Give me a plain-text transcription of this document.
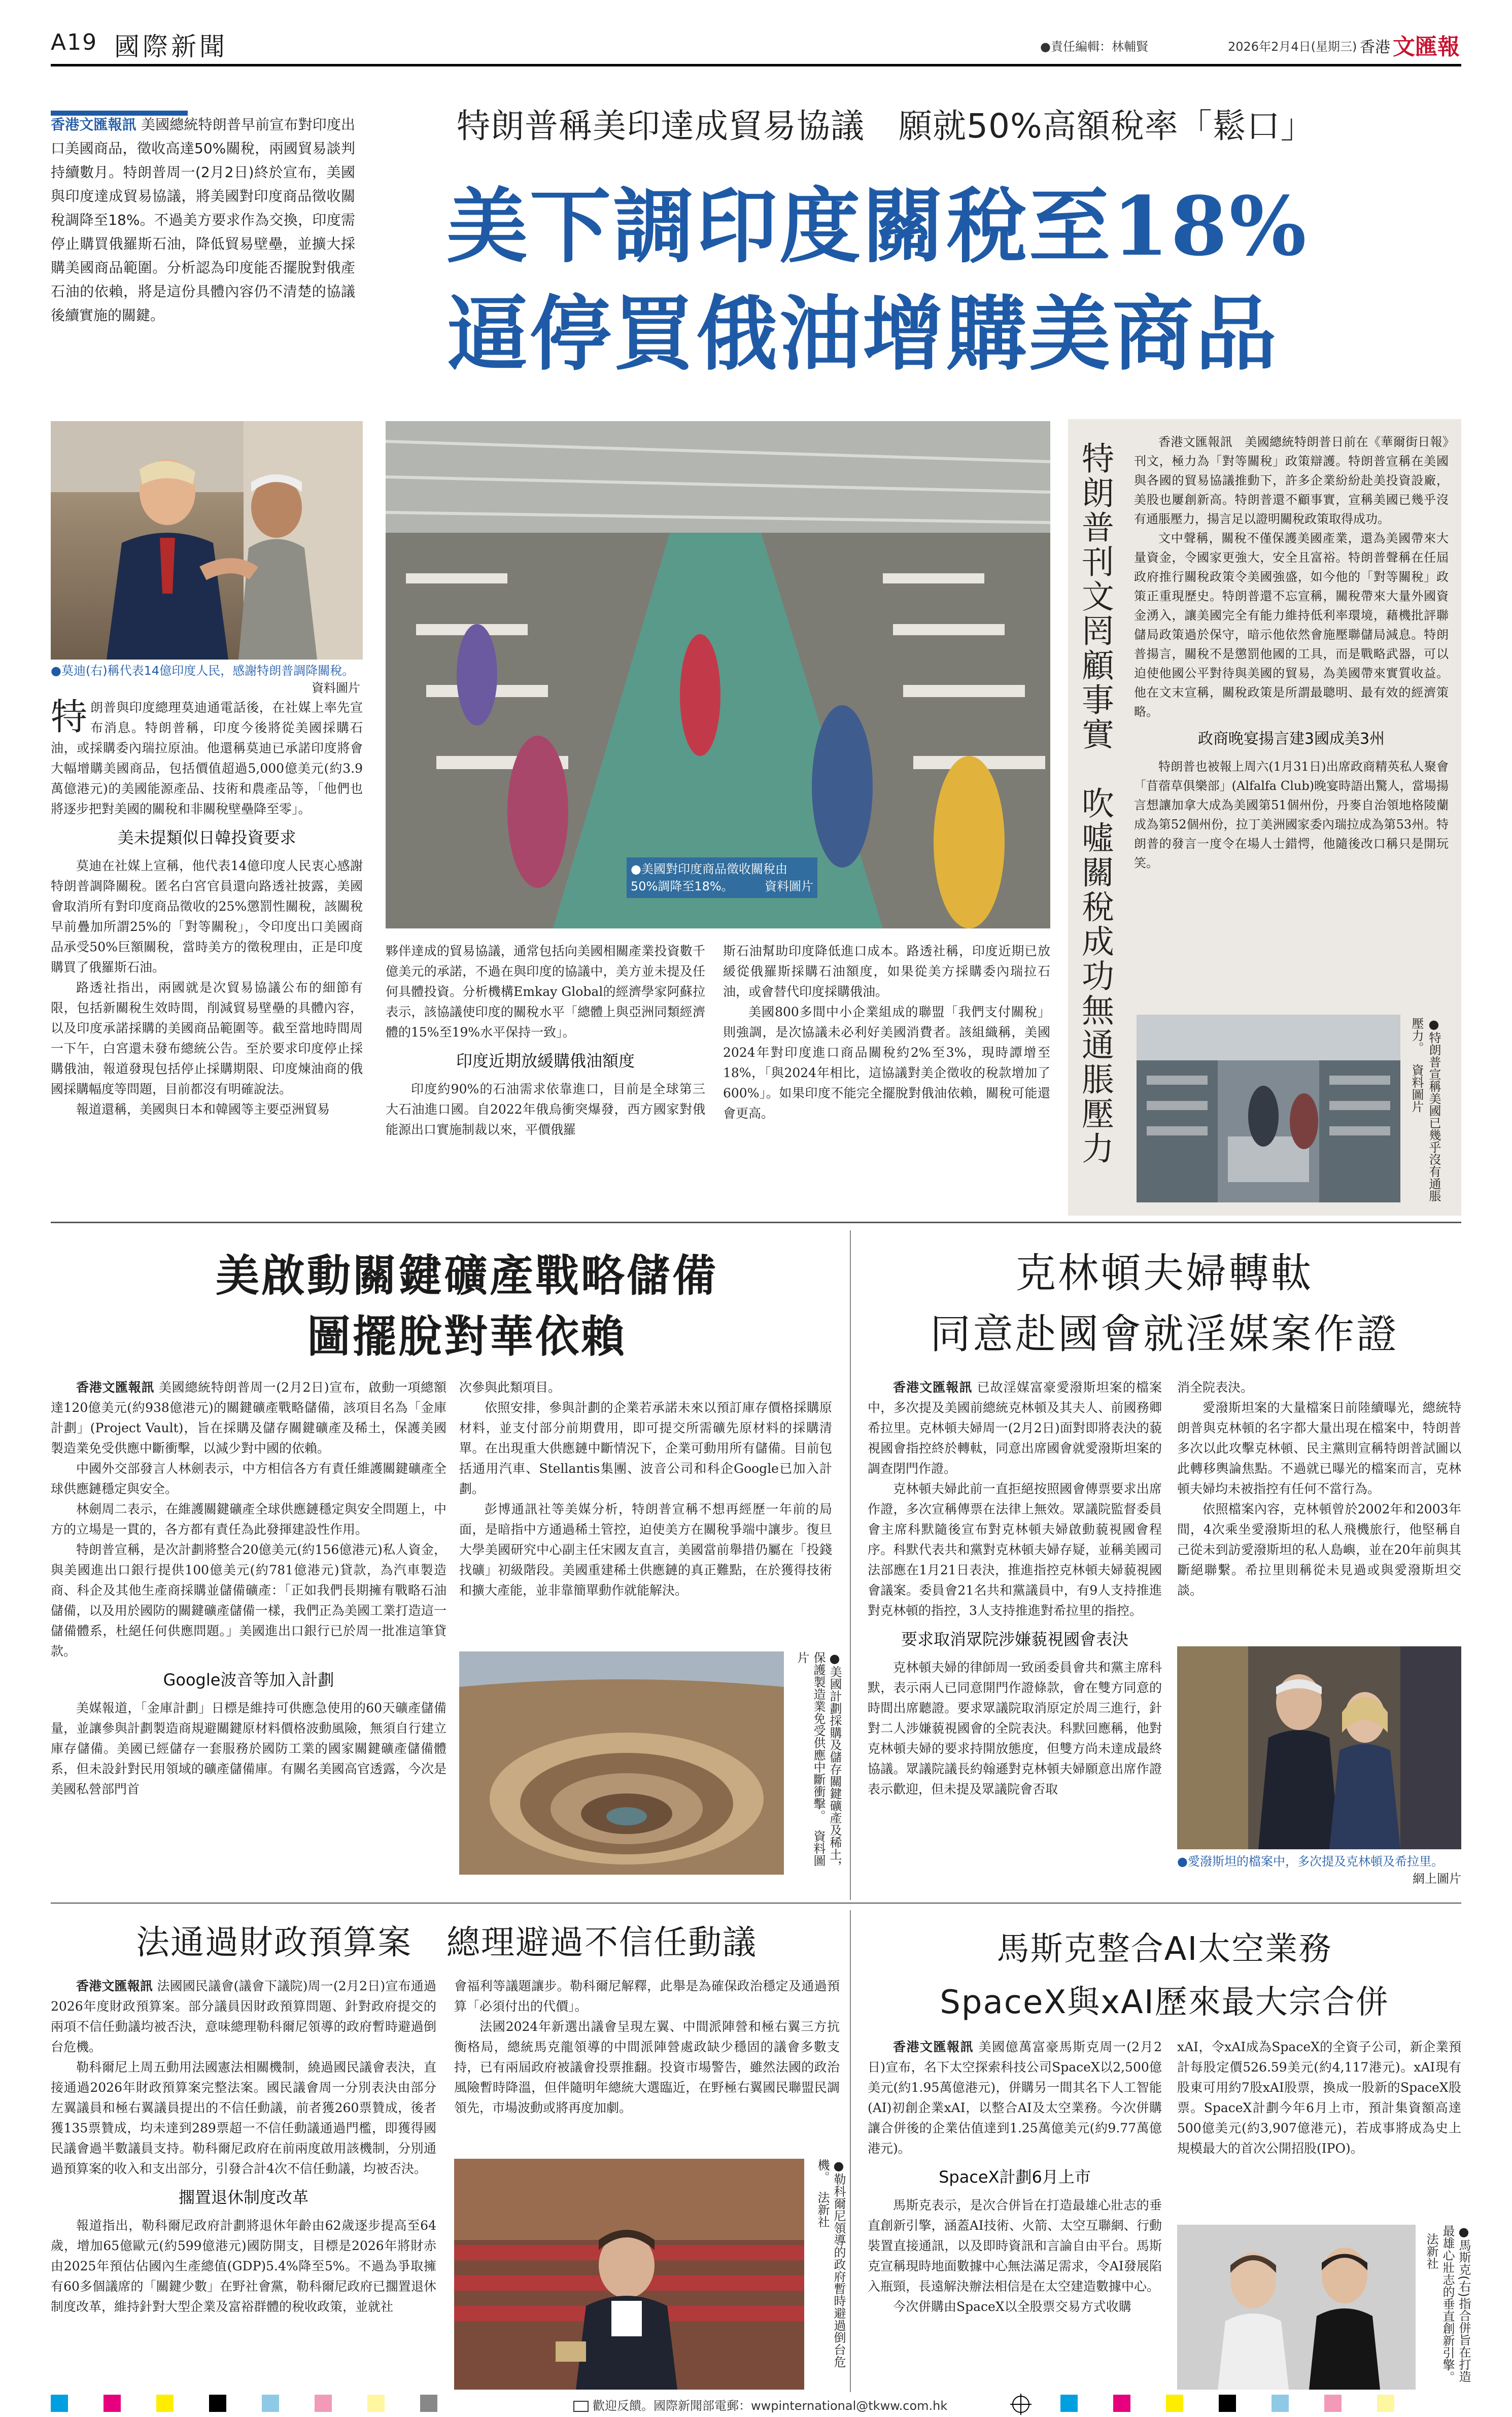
A19 國際新聞	●責任編輯：林輔賢	2026年2月4日(星期三) 香港 文匯報
香港文匯報訊 美國總統特朗普早前宣布對印度出口美國商品，徵收高達50%關稅，兩國貿易談判持續數月。特朗普周一(2月2日)終於宣布，美國與印度達成貿易協議，將美國對印度商品徵收關稅調降至18%。不過美方要求作為交換，印度需停止購買俄羅斯石油，降低貿易壁壘，並擴大採購美國商品範圍。分析認為印度能否擺脫對俄產石油的依賴，將是這份具體內容仍不清楚的協議後續實施的關鍵。
特朗普稱美印達成貿易協議　願就50%高額稅率「鬆口」
美下調印度關稅至18%
逼停買俄油增購美商品
●莫迪(右)稱代表14億印度人民，感謝特朗普調降關稅。
資料圖片
●美國對印度商品徵收關稅由50%調降至18%。	資料圖片

特朗普與印度總理莫迪通電話後，在社媒上率先宣布消息。特朗普稱，印度今後將從美國採購石油，或採購委內瑞拉原油。他還稱莫迪已承諾印度將會大幅增購美國商品，包括價值超過5,000億美元(約3.9萬億港元)的美國能源產品、技術和農產品等，「他們也將逐步把對美國的關稅和非關稅壁壘降至零」。

美未提類似日韓投資要求

莫迪在社媒上宣稱，他代表14億印度人民衷心感謝特朗普調降關稅。匿名白宮官員還向路透社披露，美國會取消所有對印度商品徵收的25%懲罰性關稅，該關稅早前疊加所謂25%的「對等關稅」，令印度出口美國商品承受50%巨額關稅，當時美方的徵稅理由，正是印度購買了俄羅斯石油。

路透社指出，兩國就是次貿易協議公布的細節有限，包括新關稅生效時間，削減貿易壁壘的具體內容，以及印度承諾採購的美國商品範圍等。截至當地時間周一下午，白宮還未發布總統公告。至於要求印度停止採購俄油，報道發現包括停止採購期限、印度煉油商的俄國採購幅度等問題，目前都沒有明確說法。

報道還稱，美國與日本和韓國等主要亞洲貿易

夥伴達成的貿易協議，通常包括向美國相關產業投資數千億美元的承諾，不過在與印度的協議中，美方並未提及任何具體投資。分析機構Emkay Global的經濟學家阿蘇拉表示，該協議使印度的關稅水平「總體上與亞洲同類經濟體的15%至19%水平保持一致」。

印度近期放緩購俄油額度

印度約90%的石油需求依靠進口，目前是全球第三大石油進口國。自2022年俄烏衝突爆發，西方國家對俄能源出口實施制裁以來，平價俄羅

斯石油幫助印度降低進口成本。路透社稱，印度近期已放緩從俄羅斯採購石油額度，如果從美方採購委內瑞拉石油，或會替代印度採購俄油。

美國800多間中小企業組成的聯盟「我們支付關稅」則強調，是次協議未必利好美國消費者。該組織稱，美國2024年對印度進口商品關稅約2%至3%，現時譚增至18%，「與2024年相比，這協議對美企徵收的稅款增加了600%」。如果印度不能完全擺脫對俄油依賴，關稅可能還會更高。	特朗普刊文罔顧事實　吹噓關稅成功無通脹壓力	香港文匯報訊　美國總統特朗普日前在《華爾街日報》刊文，極力為「對等關稅」政策辯護。特朗普宣稱在美國與各國的貿易協議推動下，許多企業紛紛赴美投資設廠，美股也屢創新高。特朗普還不顧事實，宣稱美國已幾乎沒有通脹壓力，揚言足以證明關稅政策取得成功。

文中聲稱，關稅不僅保護美國產業，還為美國帶來大量資金，令國家更強大，安全且富裕。特朗普聲稱在任屆政府推行關稅政策令美國強盛，如今他的「對等關稅」政策正重現歷史。特朗普還不忘宣稱，關稅帶來大量外國資金湧入，讓美國完全有能力維持低利率環境，藉機批評聯儲局政策過於保守，暗示他依然會施壓聯儲局減息。特朗普揚言，關稅不是懲罰他國的工具，而是戰略武器，可以迫使他國公平對待與美國的貿易，為美國帶來實質收益。他在文末宣稱，關稅政策是所謂最聰明、最有效的經濟策略。

政商晚宴揚言建3國成美3州

特朗普也被報上周六(1月31日)出席政商精英私人聚會「苜蓿草俱樂部」(Alfalfa Club)晚宴時語出驚人，當場揚言想讓加拿大成為美國第51個州份，丹麥自治領地格陵蘭成為第52個州份，拉丁美洲國家委內瑞拉成為第53州。特朗普的發言一度令在場人士錯愕，他隨後改口稱只是開玩笑。

●特朗普宣稱美國已幾乎沒有通脹壓力。資料圖片
美啟動關鍵礦產戰略儲備
圖擺脫對華依賴

香港文匯報訊 美國總統特朗普周一(2月2日)宣布，啟動一項總額達120億美元(約938億港元)的關鍵礦產戰略儲備，該項目名為「金庫計劃」(Project Vault)，旨在採購及儲存關鍵礦產及稀土，保護美國製造業免受供應中斷衝擊，以減少對中國的依賴。

中國外交部發言人林劍表示，中方相信各方有責任維護關鍵礦產全球供應鏈穩定與安全。

林劍周二表示，在維護關鍵礦產全球供應鏈穩定與安全問題上，中方的立場是一貫的，各方都有責任為此發揮建設性作用。

特朗普宣稱，是次計劃將整合20億美元(約156億港元)私人資金，與美國進出口銀行提供100億美元(約781億港元)貸款，為汽車製造商、科企及其他生產商採購並儲備礦產：「正如我們長期擁有戰略石油儲備，以及用於國防的關鍵礦產儲備一樣，我們正為美國工業打造這一儲備體系，杜絕任何供應問題。」美國進出口銀行已於周一批准這筆貸款。

Google波音等加入計劃

美媒報道，「金庫計劃」日標是維持可供應急使用的60天礦產儲備量，並讓參與計劃製造商規避關鍵原材料價格波動風險，無須自行建立庫存儲備。美國已經儲存一套服務於國防工業的國家關鍵礦產儲備體系，但未設針對民用領域的礦產儲備庫。有關名美國高官透露，今次是美國私營部門首

次參與此類項目。

依照安排，參與計劃的企業若承諾未來以預訂庫存價格採購原材料，並支付部分前期費用，即可提交所需礦先原材料的採購清單。在出現重大供應鏈中斷情況下，企業可動用所有儲備。目前包括通用汽車、Stellantis集團、波音公司和科企Google已加入計劃。

彭博通訊社等美媒分析，特朗普宣稱不想再經歷一年前的局面，是暗指中方通過稀土管控，迫使美方在關稅爭端中讓步。復旦大學美國研究中心副主任宋國友直言，美國當前舉措仍屬在「投錢找礦」初級階段。美國重建稀土供應鏈的真正難點，在於獲得技術和擴大產能，並非靠簡單動作就能解決。

●美國計劃採購及儲存關鍵礦產及稀土，保護製造業免受供應中斷衝擊。資料圖片
克林頓夫婦轉軚
同意赴國會就淫媒案作證

香港文匯報訊 已故淫媒富豪愛潑斯坦案的檔案中，多次提及美國前總統克林頓及其夫人、前國務卿希拉里。克林頓夫婦周一(2月2日)面對即將表決的藐視國會指控終於轉軚，同意出席國會就愛潑斯坦案的調查閉門作證。

克林頓夫婦此前一直拒絕按照國會傳票要求出席作證，多次宣稱傳票在法律上無效。眾議院監督委員會主席科默隨後宣布對克林頓夫婦啟動藐視國會程序。科默代表共和黨對克林頓夫婦存疑，並稱美國司法部應在1月21日表決，推進指控克林頓夫婦藐視國會議案。委員會21名共和黨議員中，有9人支持推進對克林頓的指控，3人支持推進對希拉里的指控。

要求取消眾院涉嫌藐視國會表決

克林頓夫婦的律師周一致函委員會共和黨主席科默，表示兩人已同意開門作證條款，會在雙方同意的時間出席聽證。要求眾議院取消原定於周三進行，針對二人涉嫌藐視國會的全院表決。科默回應稱，他對克林頓夫婦的要求持開放態度，但雙方尚未達成最終協議。眾議院議長約翰遜對克林頓夫婦願意出席作證表示歡迎，但未提及眾議院會否取

消全院表決。

愛潑斯坦案的大量檔案日前陸續曝光，總統特朗普與克林頓的名字都大量出現在檔案中，特朗普多次以此攻擊克林頓、民主黨則宣稱特朗普試圖以此轉移輿論焦點。不過就已曝光的檔案而言，克林頓夫婦均未被指控有任何不當行為。

依照檔案內容，克林頓曾於2002年和2003年間，4次乘坐愛潑斯坦的私人飛機旅行，他堅稱自己從未到訪愛潑斯坦的私人島嶼，並在20年前與其斷絕聯繫。希拉里則稱從未見過或與愛潑斯坦交談。

●愛潑斯坦的檔案中，多次提及克林頓及希拉里。
網上圖片
法通過財政預算案　總理避過不信任動議

香港文匯報訊 法國國民議會(議會下議院)周一(2月2日)宣布通過2026年度財政預算案。部分議員因財政預算問題、針對政府提交的兩項不信任動議均被否決，意味總理勒科爾尼領導的政府暫時避過倒台危機。

勒科爾尼上周五動用法國憲法相關機制，繞過國民議會表決，直接通過2026年財政預算案完整法案。國民議會周一分別表決由部分左翼議員和極右翼議員提出的不信任動議，前者獲260票贊成，後者獲135票贊成，均未達到289票超一不信任動議通過門檻，即獲得國民議會過半數議員支持。勒科爾尼政府在前兩度啟用該機制，分別通過預算案的收入和支出部分，引發合計4次不信任動議，均被否決。

擱置退休制度改革

報道指出，勒科爾尼政府計劃將退休年齡由62歲逐步提高至64歲，增加65億歐元(約599億港元)國防開支，目標是2026年將財赤由2025年預估佔國內生產總值(GDP)5.4%降至5%。不過為爭取擁有60多個議席的「關鍵少數」在野社會黨，勒科爾尼政府已擱置退休制度改革，維持針對大型企業及富裕群體的稅收政策，並就社

會福利等議題讓步。勒科爾尼解釋，此舉是為確保政治穩定及通過預算「必須付出的代價」。

法國2024年新選出議會呈現左翼、中間派陣營和極右翼三方抗衡格局，總統馬克龍領導的中間派陣營處政缺少穩固的議會多數支持，已有兩屆政府被議會投票推翻。投資市場警告，雖然法國的政治風險暫時降溫，但伴隨明年總統大選臨近，在野極右翼國民聯盟民調領先，市場波動或將再度加劇。

●勒科爾尼領導的政府暫時避過倒台危機。法新社
馬斯克整合AI太空業務
SpaceX與xAI歷來最大宗合併

香港文匯報訊 美國億萬富豪馬斯克周一(2月2日)宣布，名下太空探索科技公司SpaceX以2,500億美元(約1.95萬億港元)，併購另一間其名下人工智能(AI)初創企業xAI，以整合AI及太空業務。今次併購讓合併後的企業估值達到1.25萬億美元(約9.77萬億港元)。

SpaceX計劃6月上市

馬斯克表示，是次合併旨在打造最雄心壯志的垂直創新引擎，涵蓋AI技術、火箭、太空互聯網、行動裝置直接通訊，以及即時資訊和言論自由平台。馬斯克宣稱現時地面數據中心無法滿足需求，令AI發展陷入瓶頸，長遠解決辦法相信是在太空建造數據中心。

今次併購由SpaceX以全股票交易方式收購

xAI，令xAI成為SpaceX的全資子公司，新企業預計每股定價526.59美元(約4,117港元)。xAI現有股東可用約7股xAI股票，換成一股新的SpaceX股票。SpaceX計劃今年6月上市，預計集資額高達500億美元(約3,907億港元)，若成事將成為史上規模最大的首次公開招股(IPO)。

●馬斯克(右)指合併旨在打造最雄心壯志的垂直創新引擎。法新社
歡迎反饋。國際新聞部電郵：wwpinternational@tkww.com.hk
